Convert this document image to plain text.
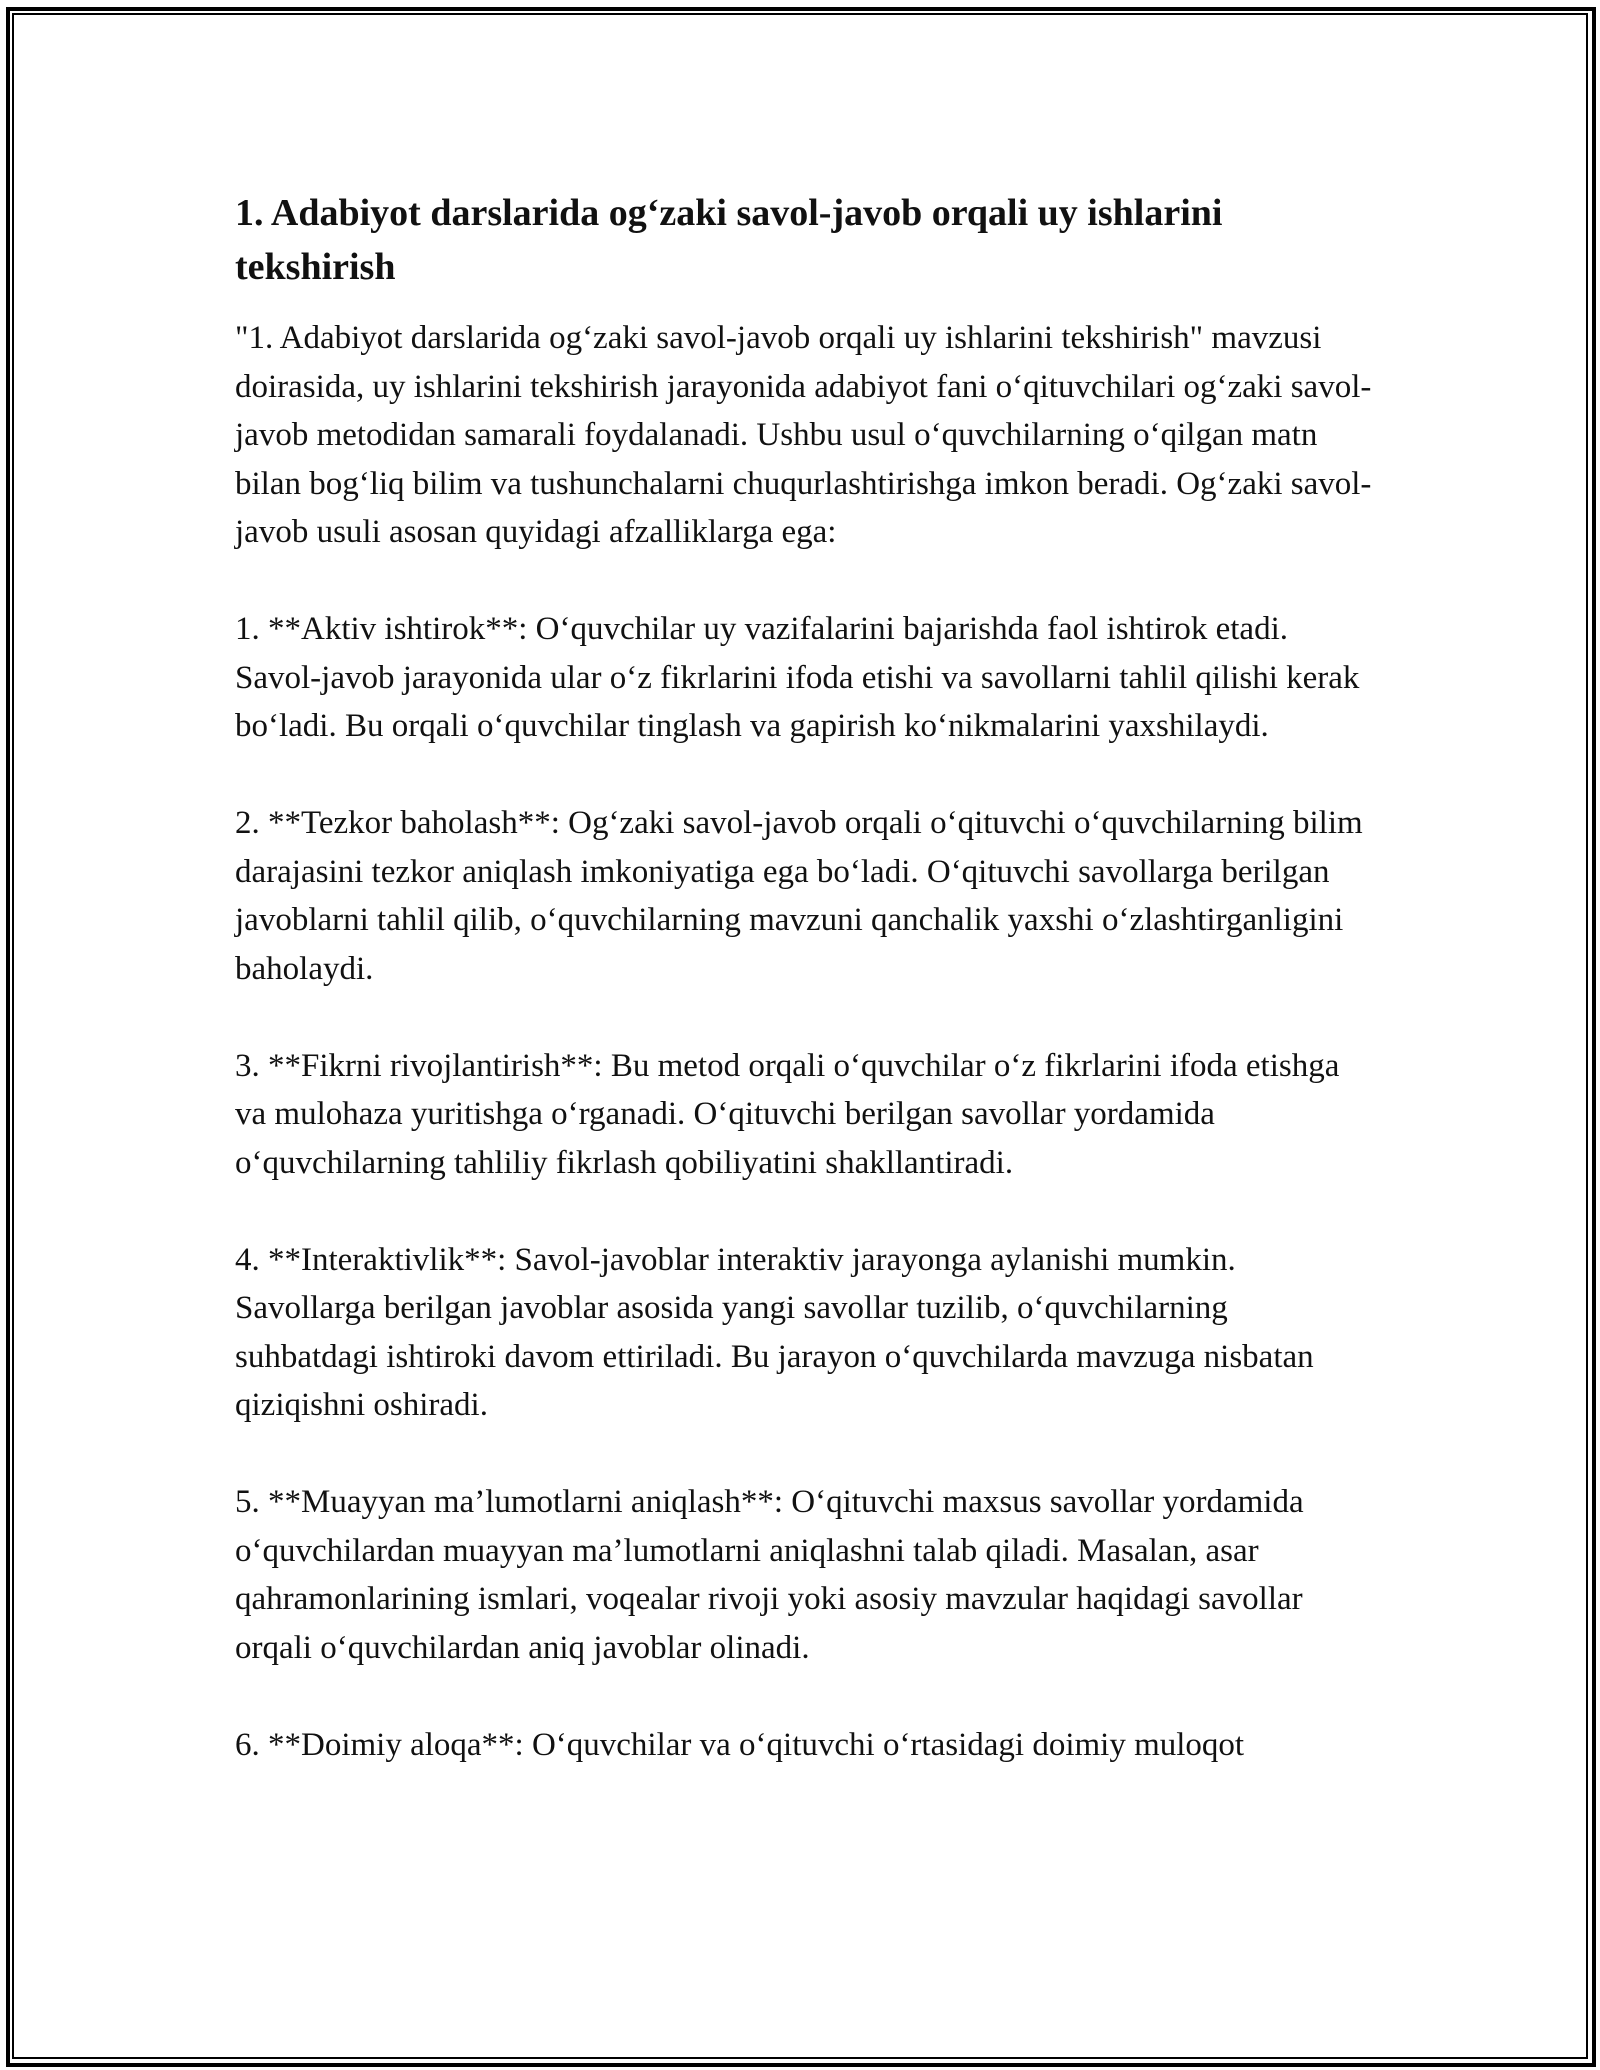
1. Adabiyot darslarida og‘zaki savol-javob orqali uy ishlarini tekshirish

"1. Adabiyot darslarida og‘zaki savol-javob orqali uy ishlarini tekshirish" mavzusi doirasida, uy ishlarini tekshirish jarayonida adabiyot fani o‘qituvchilari og‘zaki savol-javob metodidan samarali foydalanadi. Ushbu usul o‘quvchilarning o‘qilgan matn bilan bog‘liq bilim va tushunchalarni chuqurlashtirishga imkon beradi. Og‘zaki savol-javob usuli asosan quyidagi afzalliklarga ega:

1. **Aktiv ishtirok**: O‘quvchilar uy vazifalarini bajarishda faol ishtirok etadi. Savol-javob jarayonida ular o‘z fikrlarini ifoda etishi va savollarni tahlil qilishi kerak bo‘ladi. Bu orqali o‘quvchilar tinglash va gapirish ko‘nikmalarini yaxshilaydi.

2. **Tezkor baholash**: Og‘zaki savol-javob orqali o‘qituvchi o‘quvchilarning bilim darajasini tezkor aniqlash imkoniyatiga ega bo‘ladi. O‘qituvchi savollarga berilgan javoblarni tahlil qilib, o‘quvchilarning mavzuni qanchalik yaxshi o‘zlashtirganligini baholaydi.

3. **Fikrni rivojlantirish**: Bu metod orqali o‘quvchilar o‘z fikrlarini ifoda etishga va mulohaza yuritishga o‘rganadi. O‘qituvchi berilgan savollar yordamida o‘quvchilarning tahliliy fikrlash qobiliyatini shakllantiradi.

4. **Interaktivlik**: Savol-javoblar interaktiv jarayonga aylanishi mumkin. Savollarga berilgan javoblar asosida yangi savollar tuzilib, o‘quvchilarning suhbatdagi ishtiroki davom ettiriladi. Bu jarayon o‘quvchilarda mavzuga nisbatan qiziqishni oshiradi.

5. **Muayyan ma’lumotlarni aniqlash**: O‘qituvchi maxsus savollar yordamida o‘quvchilardan muayyan ma’lumotlarni aniqlashni talab qiladi. Masalan, asar qahramonlarining ismlari, voqealar rivoji yoki asosiy mavzular haqidagi savollar orqali o‘quvchilardan aniq javoblar olinadi.

6. **Doimiy aloqa**: O‘quvchilar va o‘qituvchi o‘rtasidagi doimiy muloqot
